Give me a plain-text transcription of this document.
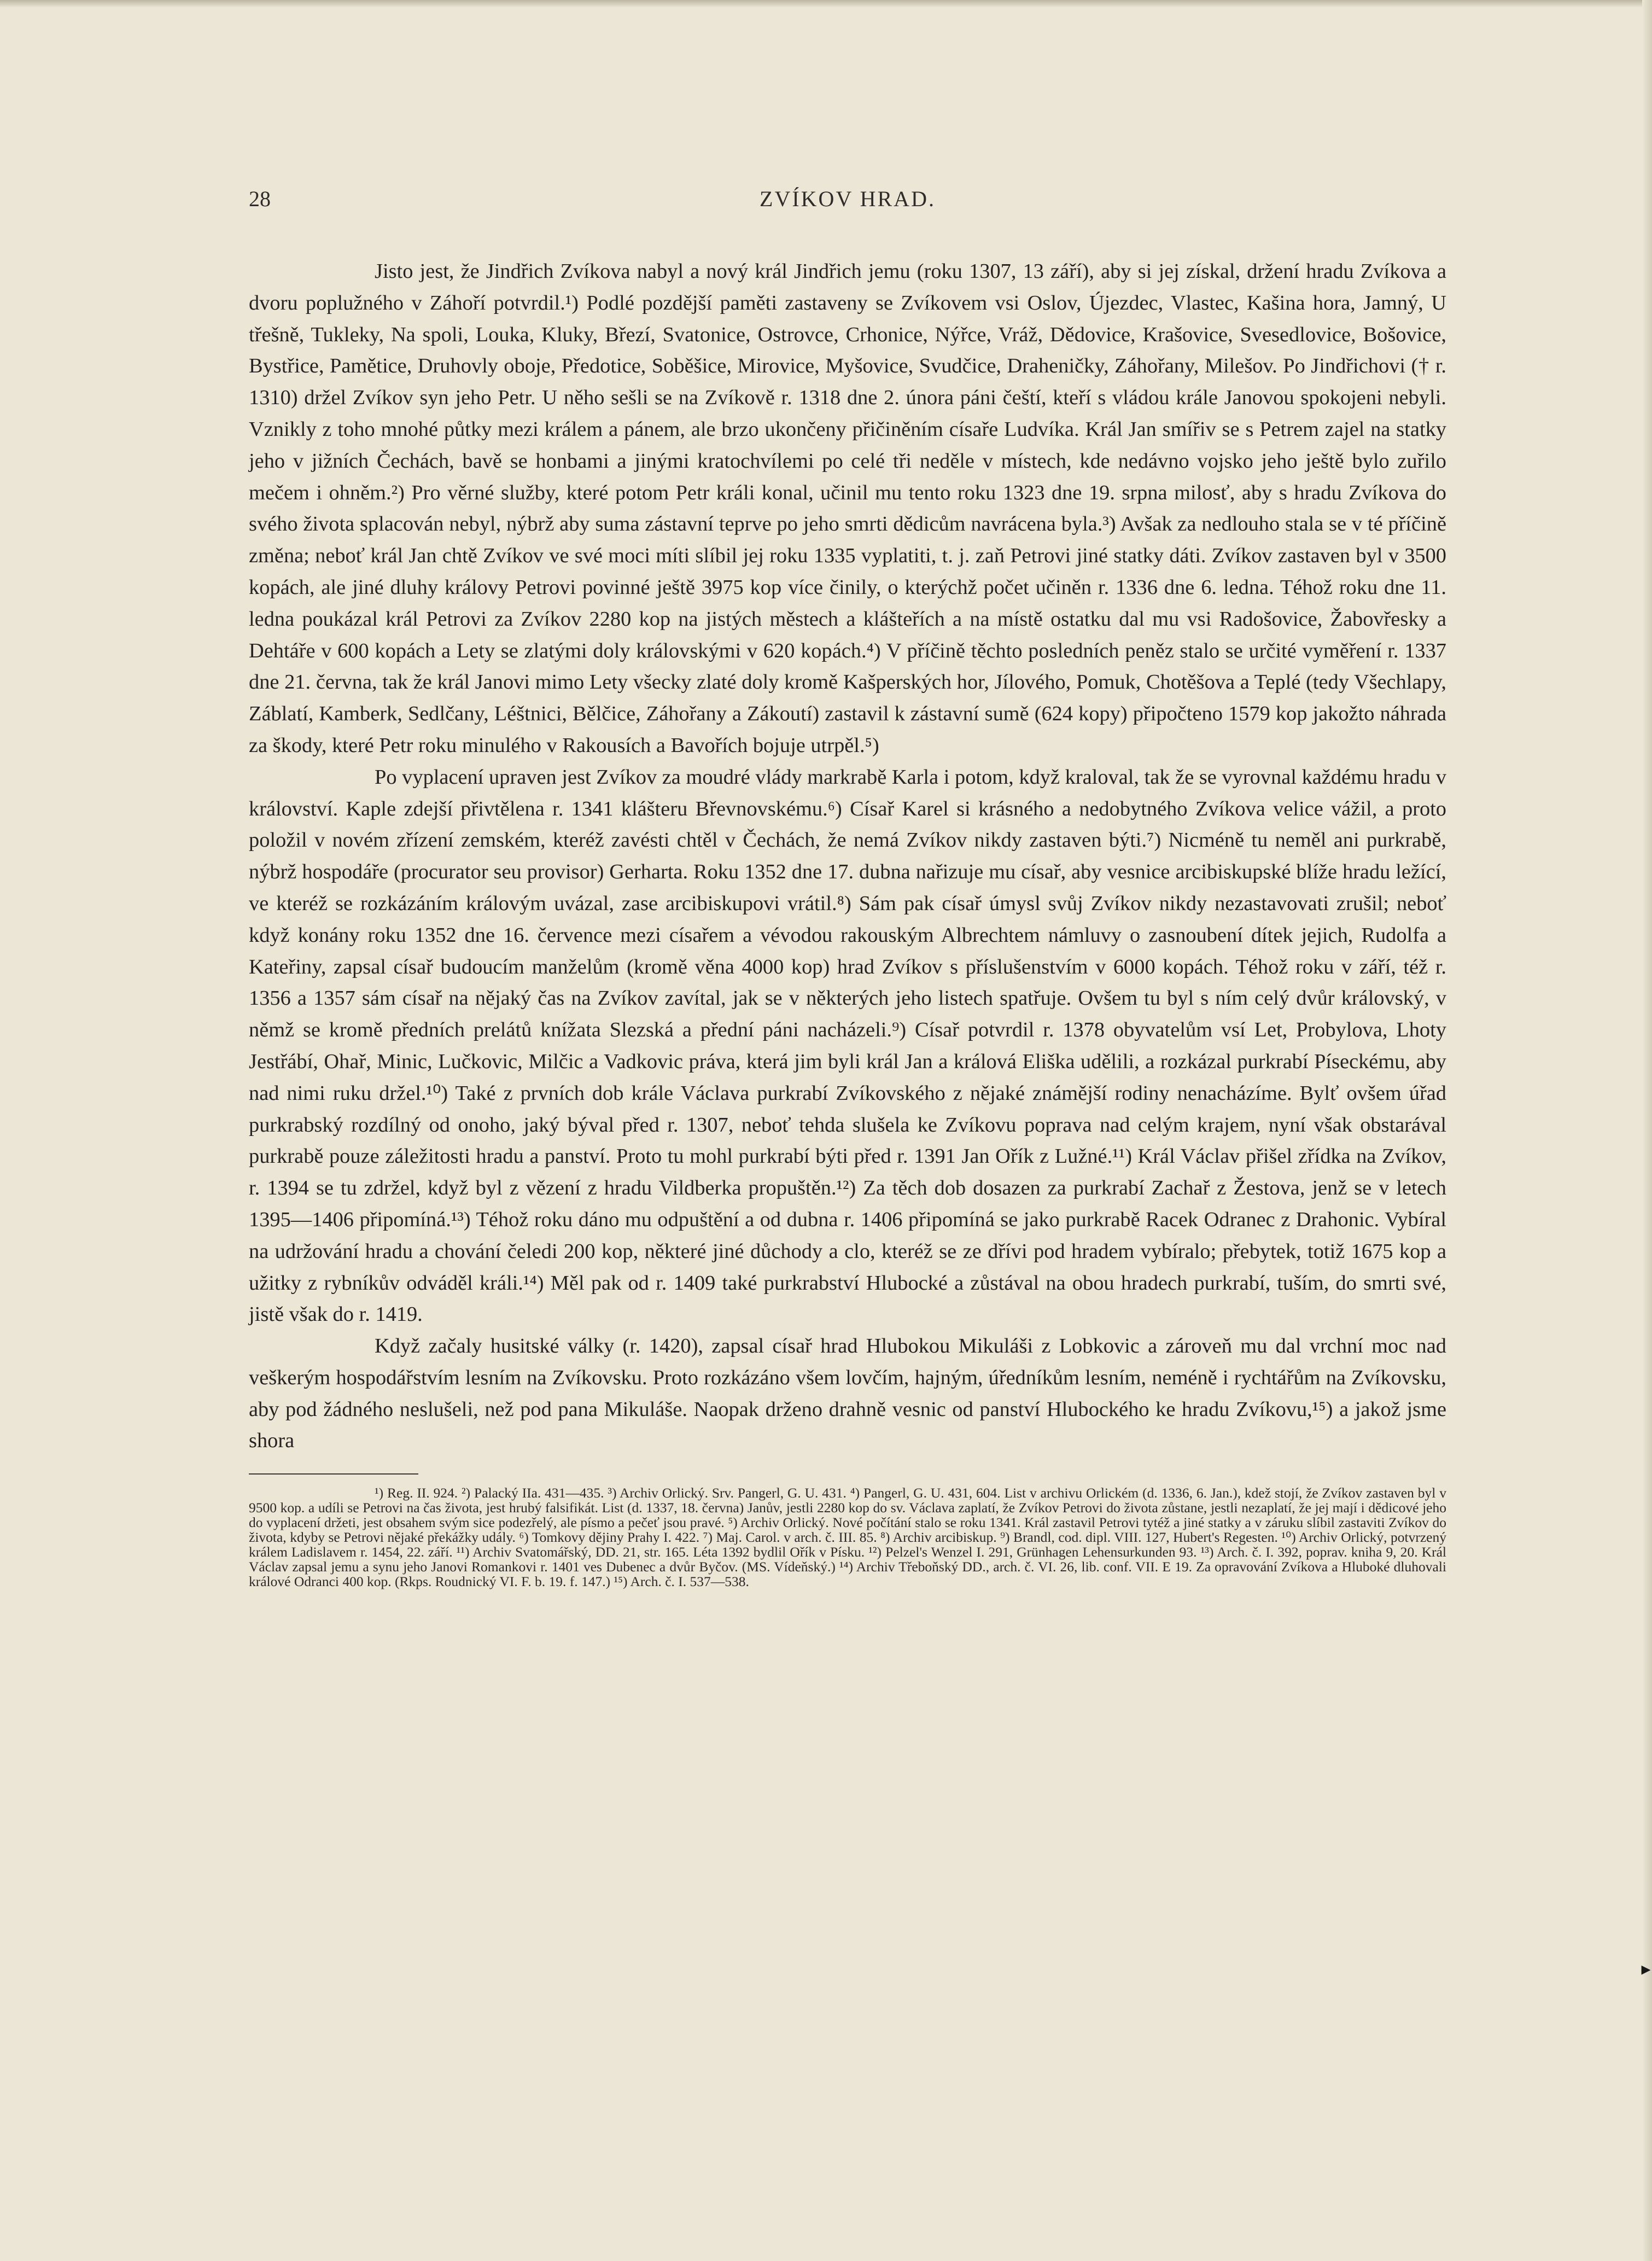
▸
28	ZVÍKOV HRAD.

Jisto jest, že Jindřich Zvíkova nabyl a nový král Jindřich jemu (roku 1307, 13 září), aby si jej získal, držení hradu Zvíkova a dvoru poplužného v Záhoří potvrdil.¹) Podlé pozdější paměti zastaveny se Zvíkovem vsi Oslov, Újezdec, Vlastec, Kašina hora, Jamný, U třešně, Tukleky, Na spoli, Louka, Kluky, Březí, Svatonice, Ostrovce, Crhonice, Nýřce, Vráž, Dědovice, Krašovice, Svesedlovice, Bošovice, Bystřice, Pamětice, Druhovly oboje, Předotice, Soběšice, Mirovice, Myšovice, Svudčice, Draheničky, Záhořany, Milešov. Po Jindřichovi († r. 1310) držel Zvíkov syn jeho Petr. U něho sešli se na Zvíkově r. 1318 dne 2. února páni čeští, kteří s vládou krále Janovou spokojeni nebyli. Vznikly z toho mnohé půtky mezi králem a pánem, ale brzo ukončeny přičiněním císaře Ludvíka. Král Jan smířiv se s Petrem zajel na statky jeho v jižních Čechách, bavě se honbami a jinými kratochvílemi po celé tři neděle v místech, kde nedávno vojsko jeho ještě bylo zuřilo mečem i ohněm.²) Pro věrné služby, které potom Petr králi konal, učinil mu tento roku 1323 dne 19. srpna milosť, aby s hradu Zvíkova do svého života splacován nebyl, nýbrž aby suma zástavní teprve po jeho smrti dědicům navrácena byla.³) Avšak za nedlouho stala se v té příčině změna; neboť král Jan chtě Zvíkov ve své moci míti slíbil jej roku 1335 vyplatiti, t. j. zaň Petrovi jiné statky dáti. Zvíkov zastaven byl v 3500 kopách, ale jiné dluhy královy Petrovi povinné ještě 3975 kop více činily, o kterýchž počet učiněn r. 1336 dne 6. ledna. Téhož roku dne 11. ledna poukázal král Petrovi za Zvíkov 2280 kop na jistých městech a klášteřích a na místě ostatku dal mu vsi Radošovice, Žabovřesky a Dehtáře v 600 kopách a Lety se zlatými doly královskými v 620 kopách.⁴) V příčině těchto posledních peněz stalo se určité vyměření r. 1337 dne 21. června, tak že král Janovi mimo Lety všecky zlaté doly kromě Kašperských hor, Jílového, Pomuk, Chotěšova a Teplé (tedy Všechlapy, Záblatí, Kamberk, Sedlčany, Léštnici, Bělčice, Záhořany a Zákoutí) zastavil k zástavní sumě (624 kopy) připočteno 1579 kop jakožto náhrada za škody, které Petr roku minulého v Rakousích a Bavořích bojuje utrpěl.⁵)

Po vyplacení upraven jest Zvíkov za moudré vlády markrabě Karla i potom, když kraloval, tak že se vyrovnal každému hradu v království. Kaple zdejší přivtělena r. 1341 klášteru Břevnovskému.⁶) Císař Karel si krásného a nedobytného Zvíkova velice vážil, a proto položil v novém zřízení zemském, kteréž zavésti chtěl v Čechách, že nemá Zvíkov nikdy zastaven býti.⁷) Nicméně tu neměl ani purkrabě, nýbrž hospodáře (procurator seu provisor) Gerharta. Roku 1352 dne 17. dubna nařizuje mu císař, aby vesnice arcibiskupské blíže hradu ležící, ve kteréž se rozkázáním královým uvázal, zase arcibiskupovi vrátil.⁸) Sám pak císař úmysl svůj Zvíkov nikdy nezastavovati zrušil; neboť když konány roku 1352 dne 16. července mezi císařem a vévodou rakouským Albrechtem námluvy o zasnoubení dítek jejich, Rudolfa a Kateřiny, zapsal císař budoucím manželům (kromě věna 4000 kop) hrad Zvíkov s příslušenstvím v 6000 kopách. Téhož roku v září, též r. 1356 a 1357 sám císař na nějaký čas na Zvíkov zavítal, jak se v některých jeho listech spatřuje. Ovšem tu byl s ním celý dvůr královský, v němž se kromě předních prelátů knížata Slezská a přední páni nacházeli.⁹) Císař potvrdil r. 1378 obyvatelům vsí Let, Probylova, Lhoty Jestřábí, Ohař, Minic, Lučkovic, Milčic a Vadkovic práva, která jim byli král Jan a králová Eliška udělili, a rozkázal purkrabí Píseckému, aby nad nimi ruku držel.¹⁰) Také z prvních dob krále Václava purkrabí Zvíkovského z nějaké známější rodiny nenacházíme. Bylť ovšem úřad purkrabský rozdílný od onoho, jaký býval před r. 1307, neboť tehda slušela ke Zvíkovu poprava nad celým krajem, nyní však obstarával purkrabě pouze záležitosti hradu a panství. Proto tu mohl purkrabí býti před r. 1391 Jan Ořík z Lužné.¹¹) Král Václav přišel zřídka na Zvíkov, r. 1394 se tu zdržel, když byl z vězení z hradu Vildberka propuštěn.¹²) Za těch dob dosazen za purkrabí Zachař z Žestova, jenž se v letech 1395—1406 připomíná.¹³) Téhož roku dáno mu odpuštění a od dubna r. 1406 připomíná se jako purkrabě Racek Odranec z Drahonic. Vybíral na udržování hradu a chování čeledi 200 kop, některé jiné důchody a clo, kteréž se ze dřívi pod hradem vybíralo; přebytek, totiž 1675 kop a užitky z rybníkův odváděl králi.¹⁴) Měl pak od r. 1409 také purkrabství Hlubocké a zůstával na obou hradech purkrabí, tuším, do smrti své, jistě však do r. 1419.

Když začaly husitské války (r. 1420), zapsal císař hrad Hlubokou Mikuláši z Lobkovic a zároveň mu dal vrchní moc nad veškerým hospodářstvím lesním na Zvíkovsku. Proto rozkázáno všem lovčím, hajným, úředníkům lesním, neméně i rychtářům na Zvíkovsku, aby pod žádného neslušeli, než pod pana Mikuláše. Naopak drženo drahně vesnic od panství Hlubockého ke hradu Zvíkovu,¹⁵) a jakož jsme shora

¹) Reg. II. 924. ²) Palacký IIa. 431—435. ³) Archiv Orlický. Srv. Pangerl, G. U. 431. ⁴) Pangerl, G. U. 431, 604. List v archivu Orlickém (d. 1336, 6. Jan.), kdež stojí, že Zvíkov zastaven byl v 9500 kop. a udíli se Petrovi na čas života, jest hrubý falsifikát. List (d. 1337, 18. června) Janův, jestli 2280 kop do sv. Václava zaplatí, že Zvíkov Petrovi do života zůstane, jestli nezaplatí, že jej mají i dědicové jeho do vyplacení držeti, jest obsahem svým sice podezřelý, ale písmo a pečeť jsou pravé. ⁵) Archiv Orlický. Nové počítání stalo se roku 1341. Král zastavil Petrovi tytéž a jiné statky a v záruku slíbil zastaviti Zvíkov do života, kdyby se Petrovi nějaké překážky udály. ⁶) Tomkovy dějiny Prahy I. 422. ⁷) Maj. Carol. v arch. č. III. 85. ⁸) Archiv arcibiskup. ⁹) Brandl, cod. dipl. VIII. 127, Hubert's Regesten. ¹⁰) Archiv Orlický, potvrzený králem Ladislavem r. 1454, 22. září. ¹¹) Archiv Svatomářský, DD. 21, str. 165. Léta 1392 bydlil Ořík v Písku. ¹²) Pelzel's Wenzel I. 291, Grünhagen Lehensurkunden 93. ¹³) Arch. č. I. 392, poprav. kniha 9, 20. Král Václav zapsal jemu a synu jeho Janovi Romankovi r. 1401 ves Dubenec a dvůr Byčov. (MS. Vídeňský.) ¹⁴) Archiv Třeboňský DD., arch. č. VI. 26, lib. conf. VII. E 19. Za opravování Zvíkova a Hluboké dluhovali králové Odranci 400 kop. (Rkps. Roudnický VI. F. b. 19. f. 147.) ¹⁵) Arch. č. I. 537—538.
